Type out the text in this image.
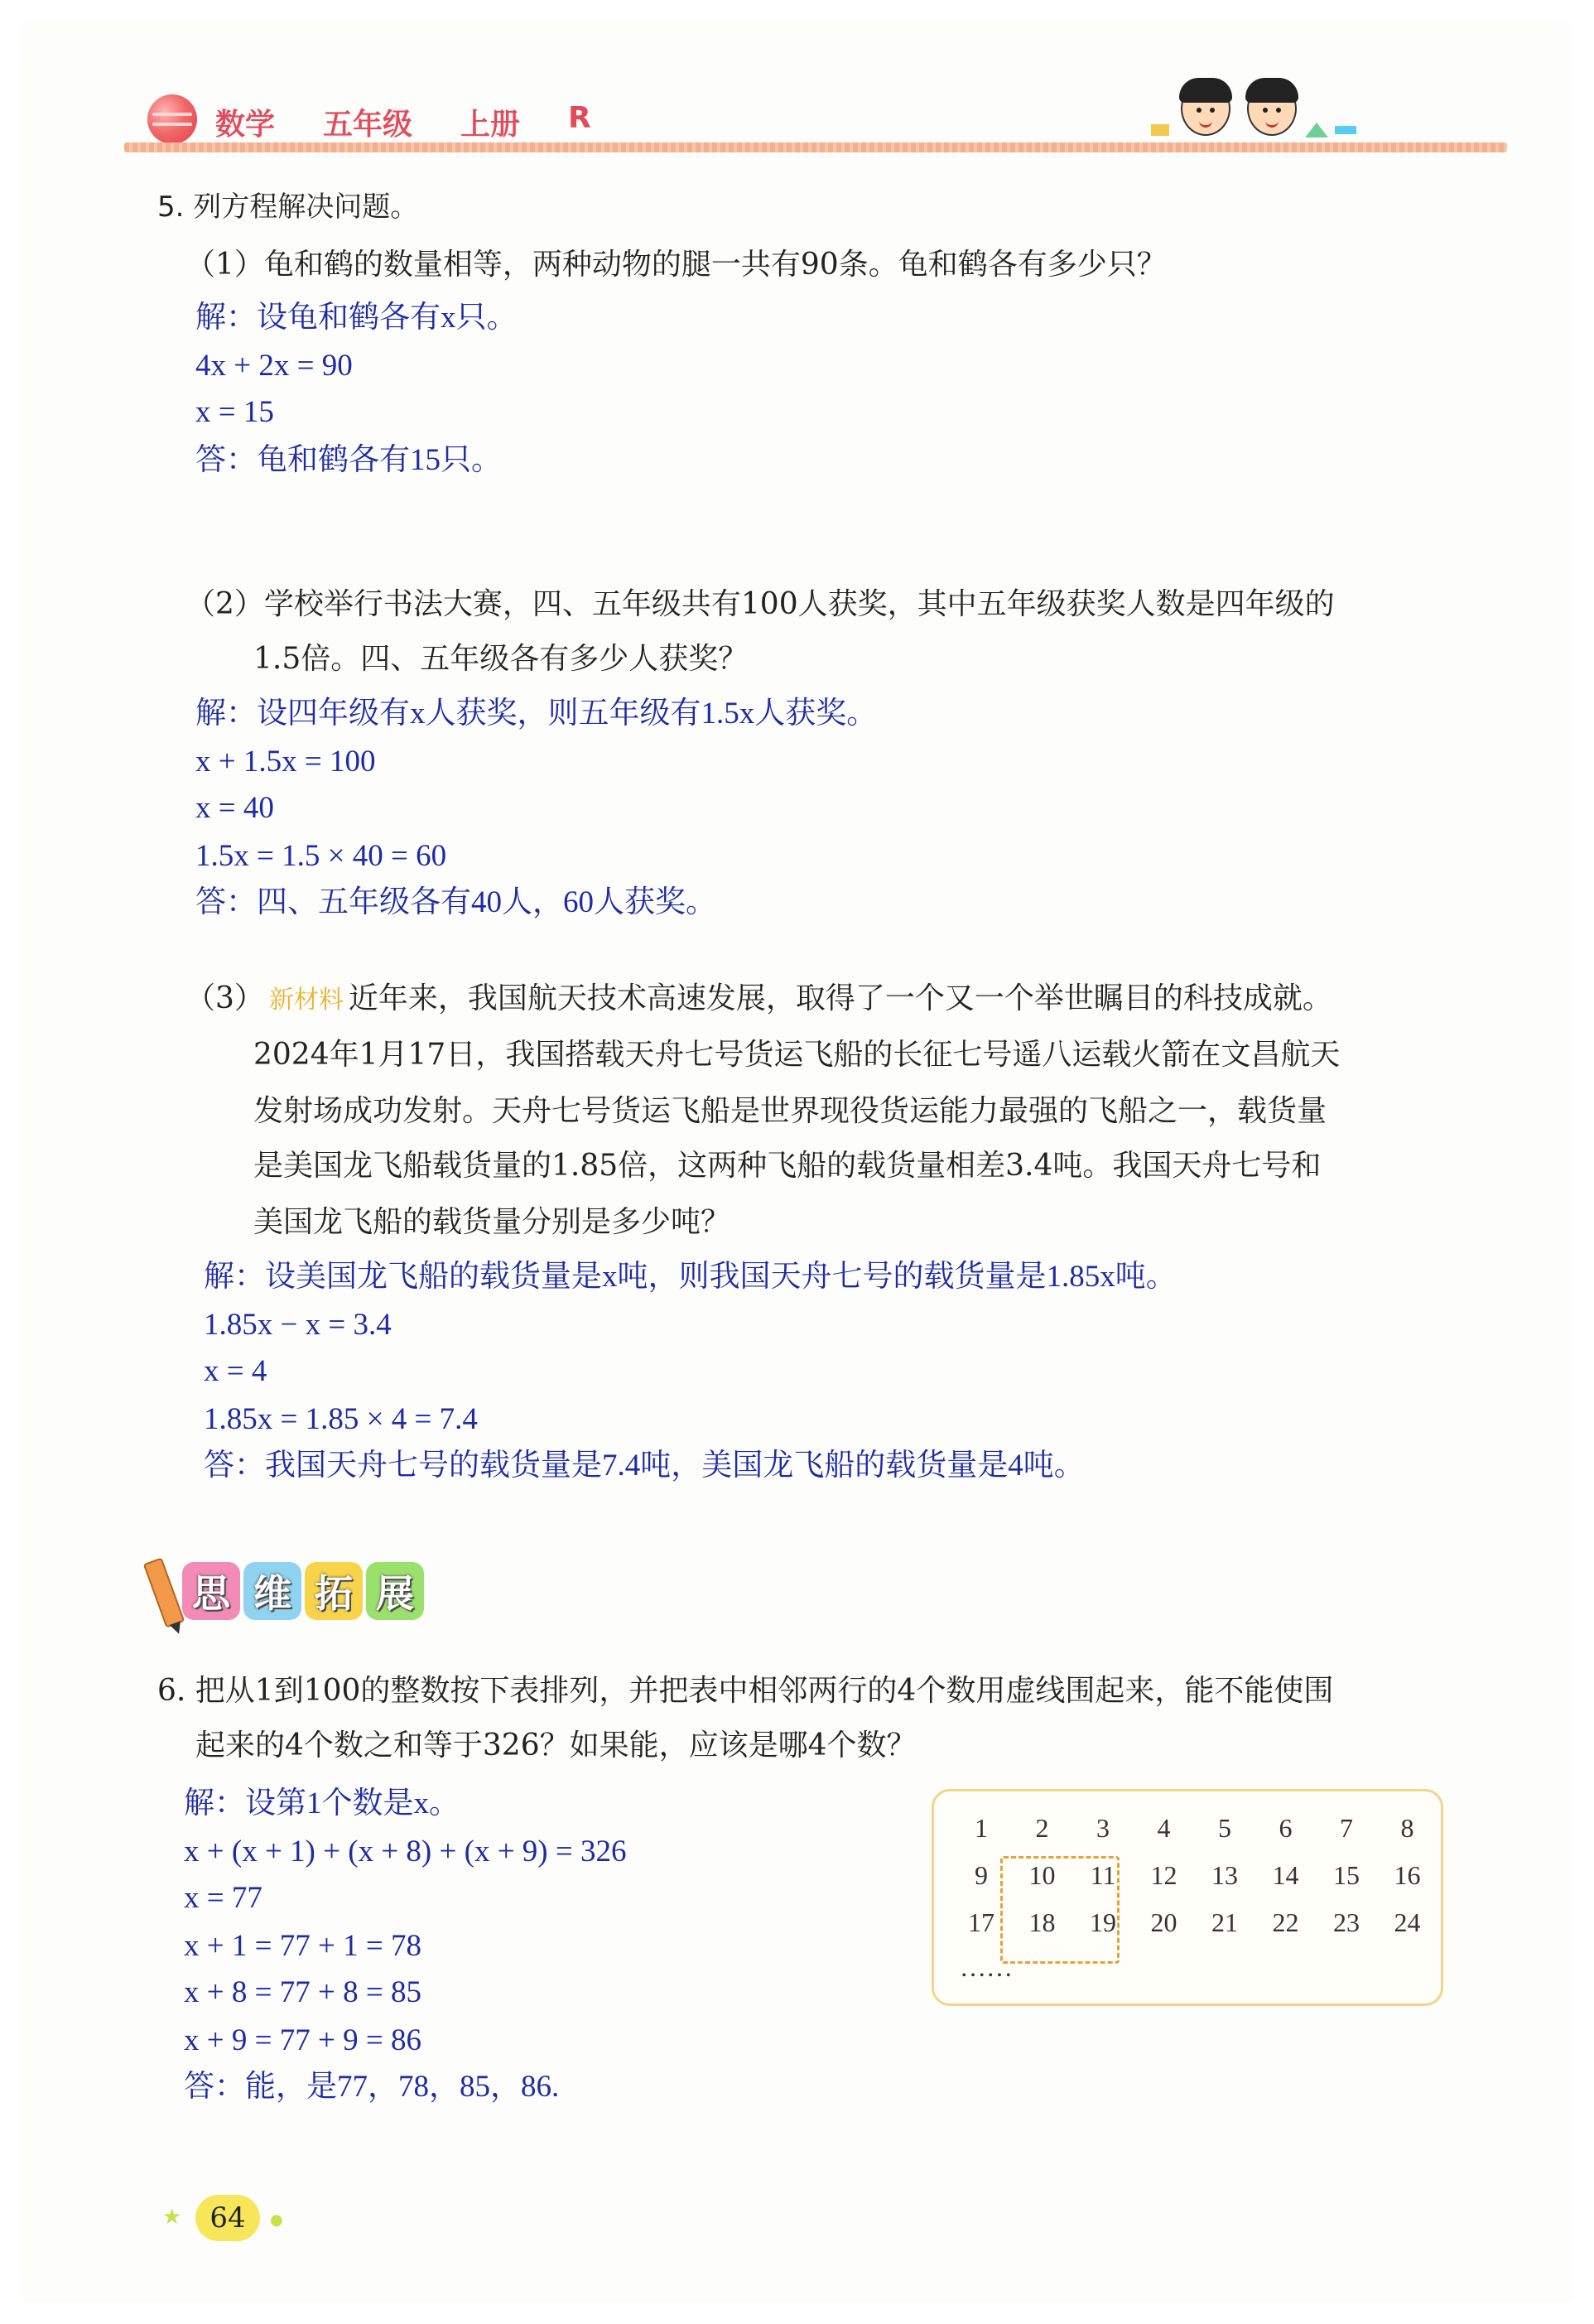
数学 五年级 上册 R
5. 列方程解决问题。
（1）龟和鹤的数量相等，两种动物的腿一共有90条。龟和鹤各有多少只？
解：设龟和鹤各有x只。
4x + 2x = 90
x = 15
答：龟和鹤各有15只。
（2）学校举行书法大赛，四、五年级共有100人获奖，其中五年级获奖人数是四年级的
1.5倍。四、五年级各有多少人获奖？
解：设四年级有x人获奖，则五年级有1.5x人获奖。
x + 1.5x = 100
x = 40
1.5x = 1.5 × 40 = 60
答：四、五年级各有40人，60人获奖。
（3） 新材料 近年来，我国航天技术高速发展，取得了一个又一个举世瞩目的科技成就。
2024年1月17日，我国搭载天舟七号货运飞船的长征七号遥八运载火箭在文昌航天
发射场成功发射。天舟七号货运飞船是世界现役货运能力最强的飞船之一，载货量
是美国龙飞船载货量的1.85倍，这两种飞船的载货量相差3.4吨。我国天舟七号和
美国龙飞船的载货量分别是多少吨？
解：设美国龙飞船的载货量是x吨，则我国天舟七号的载货量是1.85x吨。
1.85x − x = 3.4
x = 4
1.85x = 1.85 × 4 = 7.4
答：我国天舟七号的载货量是7.4吨，美国龙飞船的载货量是4吨。
思 维 拓 展
6. 把从1到100的整数按下表排列，并把表中相邻两行的4个数用虚线围起来，能不能使围
起来的4个数之和等于326？如果能，应该是哪4个数？
解：设第1个数是x。
x + (x + 1) + (x + 8) + (x + 9) = 326
x = 77
x + 1 = 77 + 1 = 78
x + 8 = 77 + 8 = 85
x + 9 = 77 + 9 = 86
答：能，是77，78，85，86.
1	2	3	4	5	6	7	8
9	10	11	12	13	14	15	16
17	18	19	20	21	22	23	24
……
★	64	●
